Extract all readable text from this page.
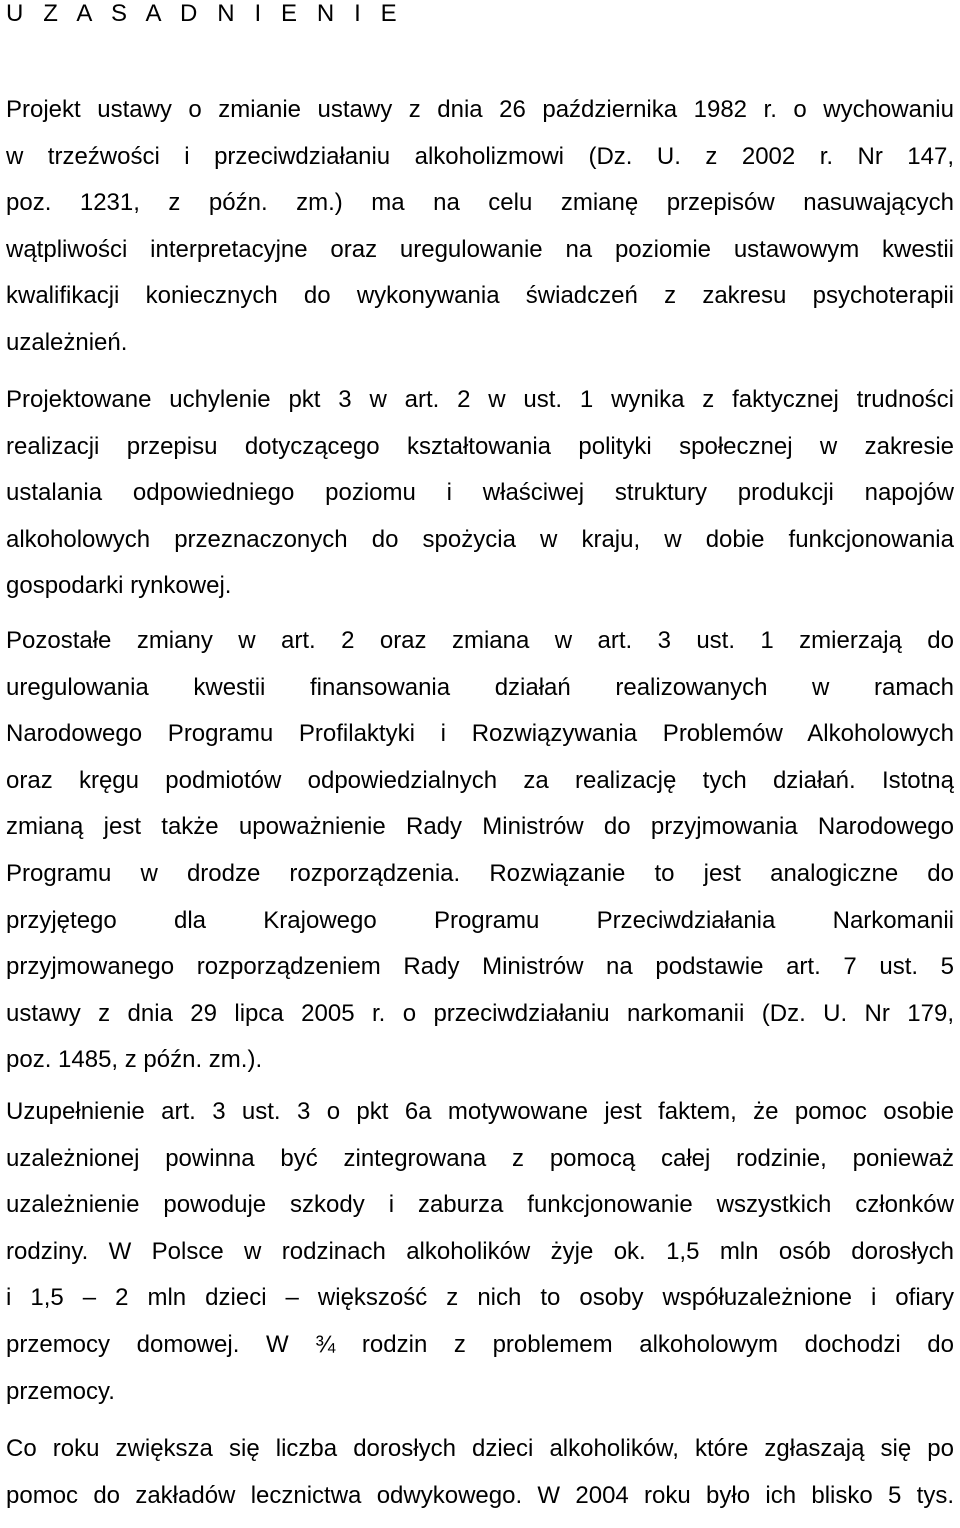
U Z A S A D N I E N I E
Projekt ustawy o zmianie ustawy z dnia 26 października 1982 r. o wychowaniu
w trzeźwości i przeciwdziałaniu alkoholizmowi (Dz. U. z 2002 r. Nr 147,
poz. 1231, z późn. zm.) ma na celu zmianę przepisów nasuwających
wątpliwości interpretacyjne oraz uregulowanie na poziomie ustawowym kwestii
kwalifikacji koniecznych do wykonywania świadczeń z zakresu psychoterapii
uzależnień.
Projektowane uchylenie pkt 3 w art. 2 w ust. 1 wynika z faktycznej trudności
realizacji przepisu dotyczącego kształtowania polityki społecznej w zakresie
ustalania odpowiedniego poziomu i właściwej struktury produkcji napojów
alkoholowych przeznaczonych do spożycia w kraju, w dobie funkcjonowania
gospodarki rynkowej.
Pozostałe zmiany w art. 2 oraz zmiana w art. 3 ust. 1 zmierzają do
uregulowania kwestii finansowania działań realizowanych w ramach
Narodowego Programu Profilaktyki i Rozwiązywania Problemów Alkoholowych
oraz kręgu podmiotów odpowiedzialnych za realizację tych działań. Istotną
zmianą jest także upoważnienie Rady Ministrów do przyjmowania Narodowego
Programu w drodze rozporządzenia. Rozwiązanie to jest analogiczne do
przyjętego dla Krajowego Programu Przeciwdziałania Narkomanii
przyjmowanego rozporządzeniem Rady Ministrów na podstawie art. 7 ust. 5
ustawy z dnia 29 lipca 2005 r. o przeciwdziałaniu narkomanii (Dz. U. Nr 179,
poz. 1485, z późn. zm.).
Uzupełnienie art. 3 ust. 3 o pkt 6a motywowane jest faktem, że pomoc osobie
uzależnionej powinna być zintegrowana z pomocą całej rodzinie, ponieważ
uzależnienie powoduje szkody i zaburza funkcjonowanie wszystkich członków
rodziny. W Polsce w rodzinach alkoholików żyje ok. 1,5 mln osób dorosłych
i 1,5 – 2 mln dzieci – większość z nich to osoby współuzależnione i ofiary
przemocy domowej. W ¾ rodzin z problemem alkoholowym dochodzi do
przemocy.
Co roku zwiększa się liczba dorosłych dzieci alkoholików, które zgłaszają się po
pomoc do zakładów lecznictwa odwykowego. W 2004 roku było ich blisko 5 tys.
